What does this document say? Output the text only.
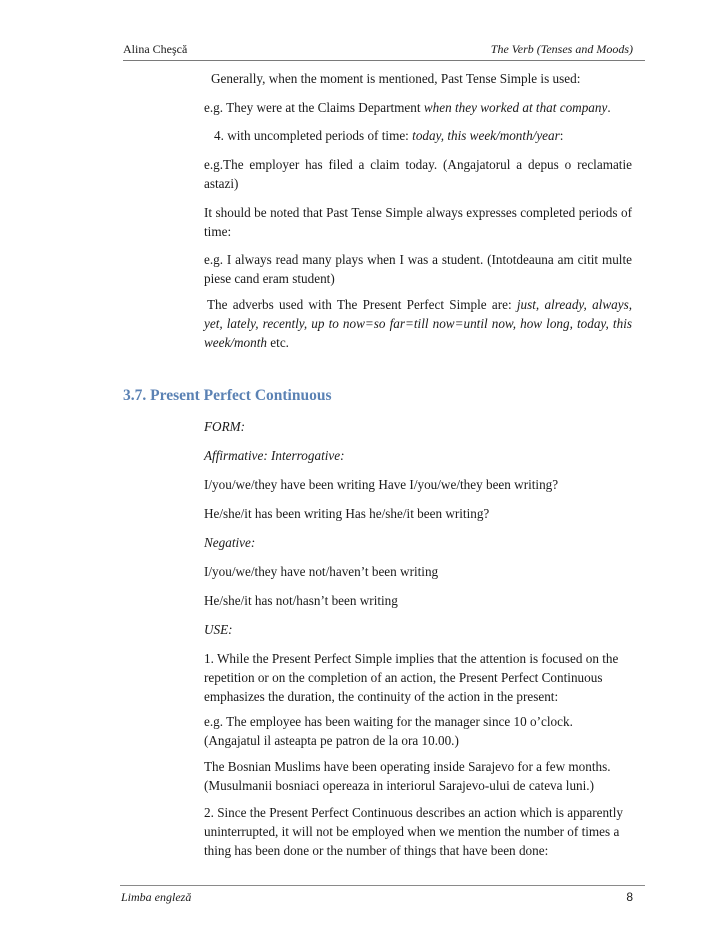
Alina Cheşcă	The Verb (Tenses and Moods)

Generally, when the moment is mentioned, Past Tense Simple is used:

e.g. They were at the Claims Department when they worked at that company.

4. with uncompleted periods of time: today, this week/month/year:

e.g.The employer has filed a claim today. (Angajatorul a depus o reclamatie astazi)

It should be noted that Past Tense Simple always expresses completed periods of time:

e.g. I always read many plays when I was a student. (Intotdeauna am citit multe piese cand eram student)

The adverbs used with The Present Perfect Simple are: just, already, always, yet, lately, recently, up to now=so far=till now=until now, how long, today, this week/month etc.

3.7. Present Perfect Continuous

FORM:

Affirmative: Interrogative:

I/you/we/they have been writing Have I/you/we/they been writing?

He/she/it has been writing Has he/she/it been writing?

Negative:

I/you/we/they have not/haven’t been writing

He/she/it has not/hasn’t been writing

USE:

1. While the Present Perfect Simple implies that the attention is focused on the
repetition or on the completion of an action, the Present Perfect Continuous
emphasizes the duration, the continuity of the action in the present:
e.g. The employee has been waiting for the manager since 10 o’clock.
(Angajatul il asteapta pe patron de la ora 10.00.)
The Bosnian Muslims have been operating inside Sarajevo for a few months.
(Musulmanii bosniaci opereaza in interiorul Sarajevo-ului de cateva luni.)
2. Since the Present Perfect Continuous describes an action which is apparently
uninterrupted, it will not be employed when we mention the number of times a
thing has been done or the number of things that have been done:
Limba engleză	8
